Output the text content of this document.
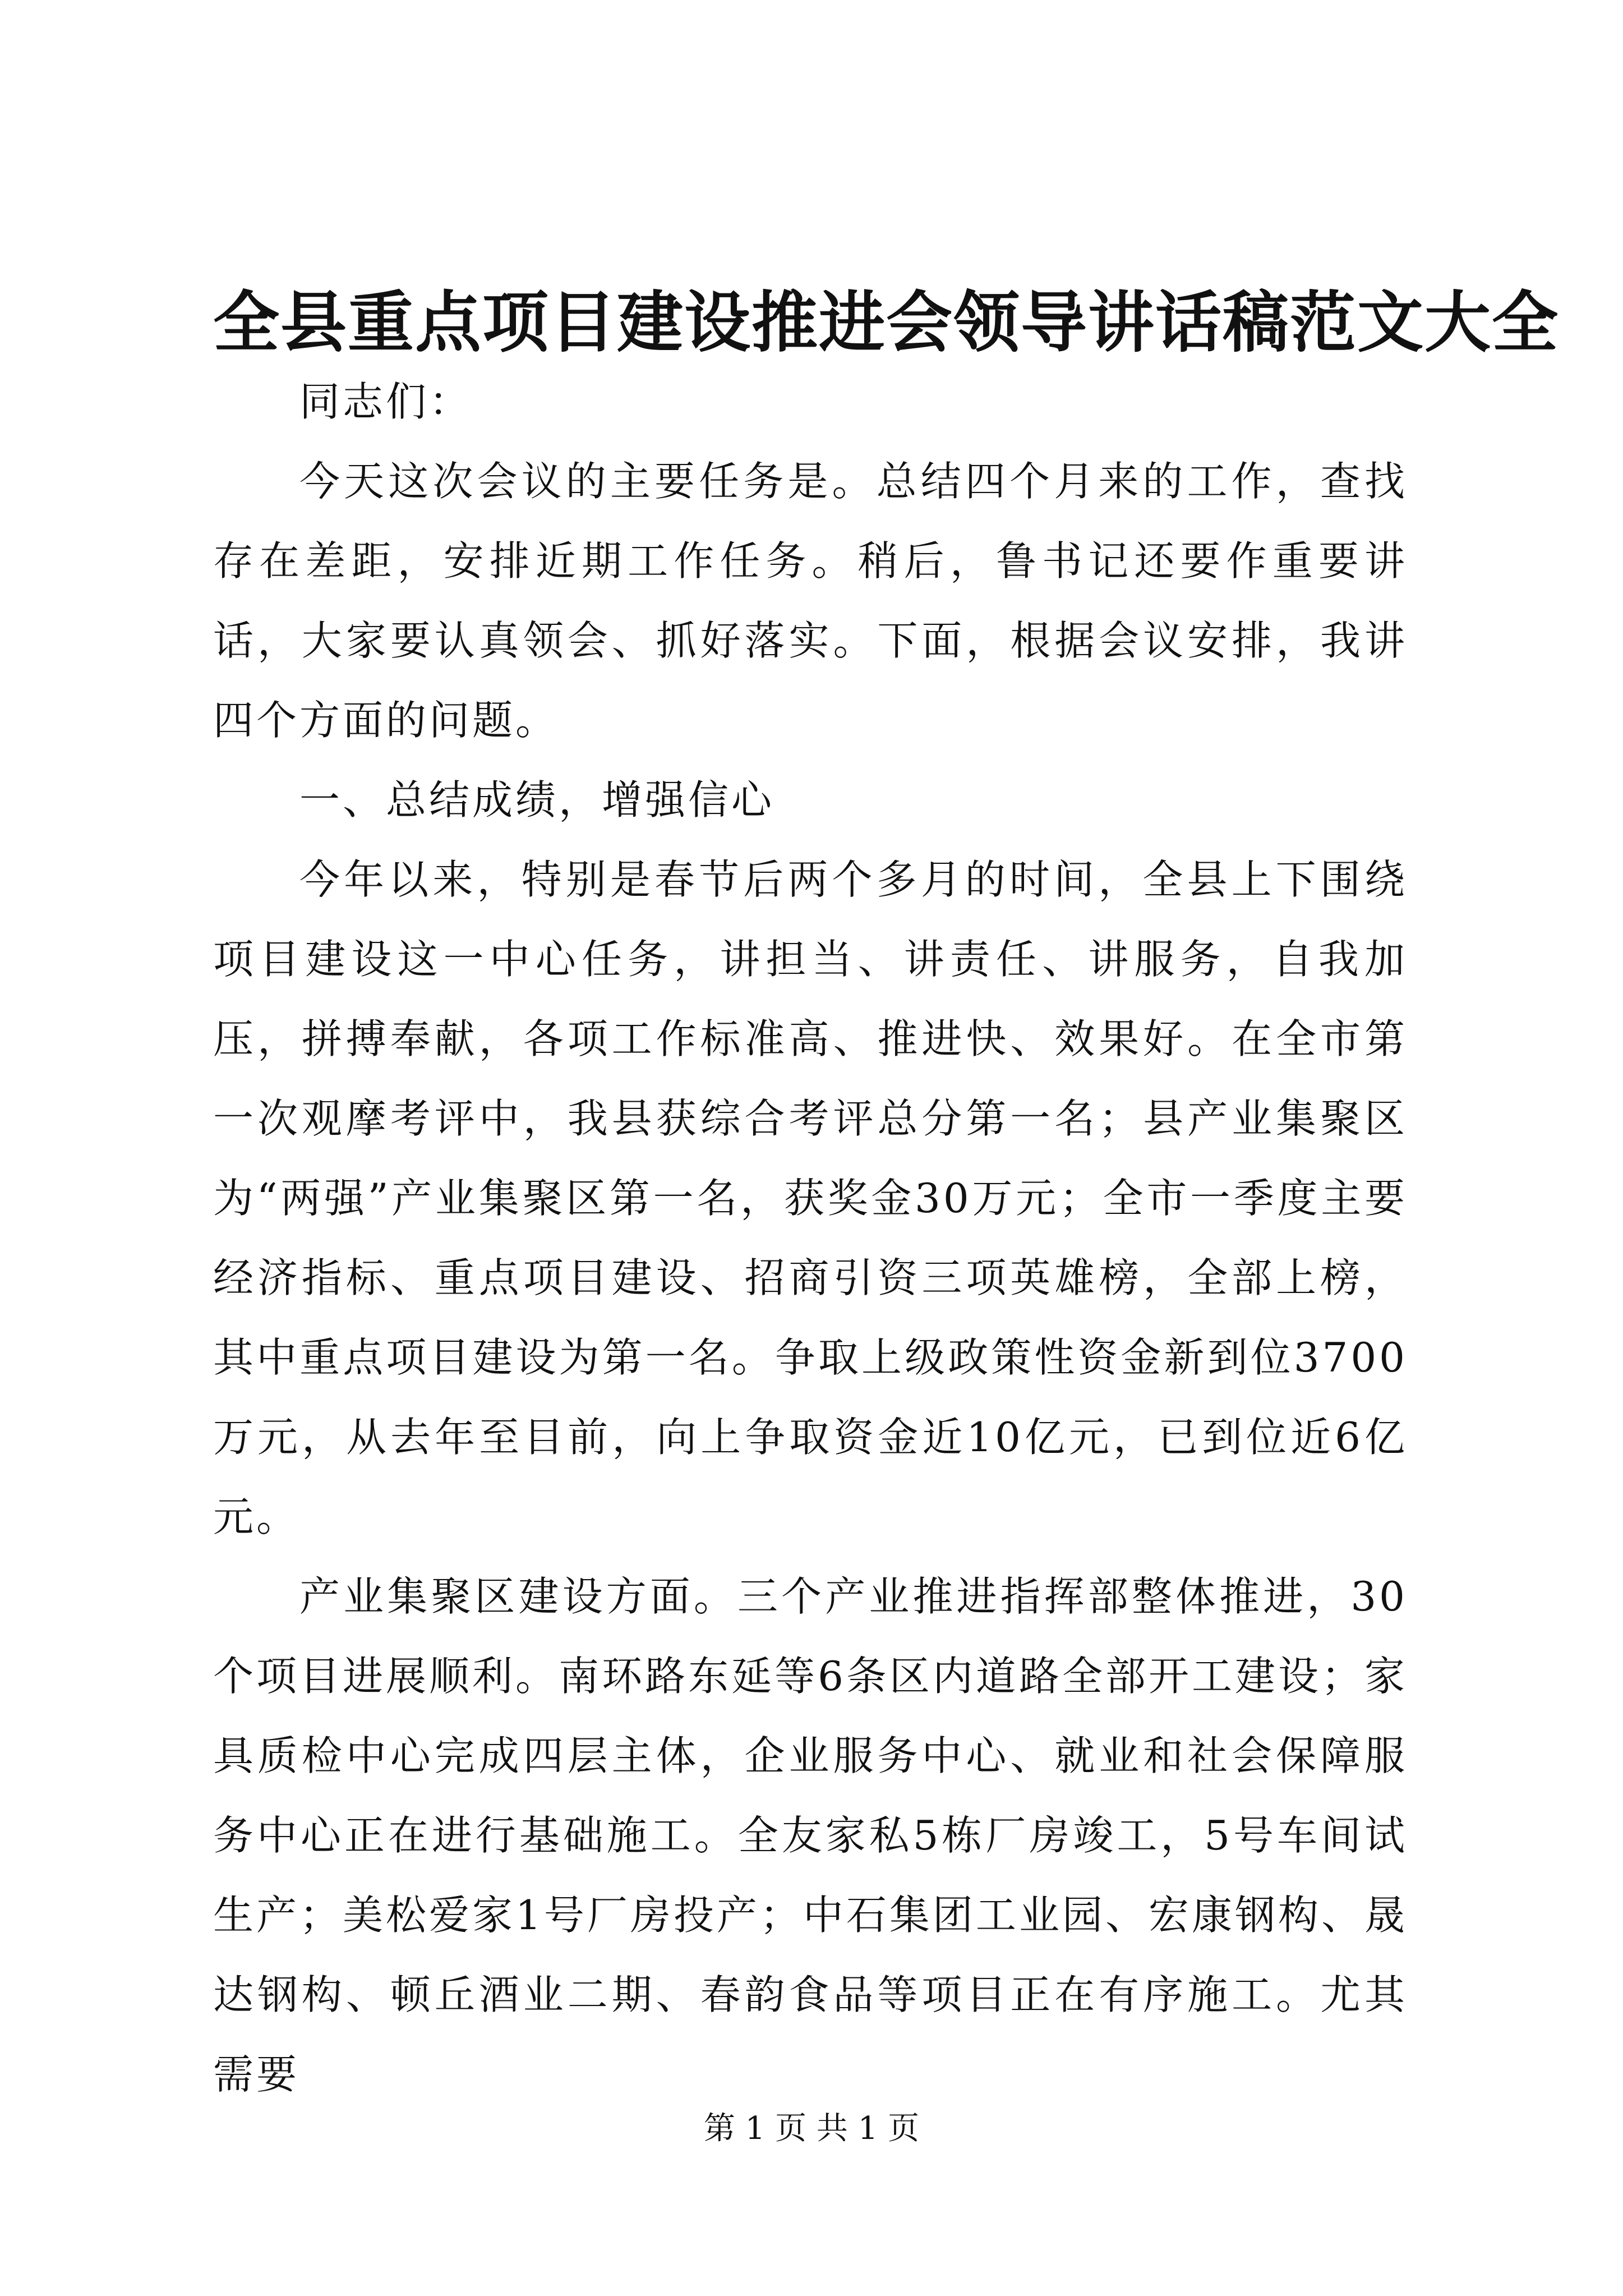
全县重点项目建设推进会领导讲话稿范文大全

同志们：

今天这次会议的主要任务是。总结四个月来的工作，查找存在差距，安排近期工作任务。稍后，鲁书记还要作重要讲话，大家要认真领会、抓好落实。下面，根据会议安排，我讲四个方面的问题。

一、总结成绩，增强信心

今年以来，特别是春节后两个多月的时间，全县上下围绕项目建设这一中心任务，讲担当、讲责任、讲服务，自我加压，拼搏奉献，各项工作标准高、推进快、效果好。在全市第一次观摩考评中，我县获综合考评总分第一名；县产业集聚区为“两强”产业集聚区第一名，获奖金30万元；全市一季度主要经济指标、重点项目建设、招商引资三项英雄榜，全部上榜，其中重点项目建设为第一名。争取上级政策性资金新到位3700万元，从去年至目前，向上争取资金近10亿元，已到位近6亿元。

产业集聚区建设方面。三个产业推进指挥部整体推进，30个项目进展顺利。南环路东延等6条区内道路全部开工建设；家具质检中心完成四层主体，企业服务中心、就业和社会保障服务中心正在进行基础施工。全友家私5栋厂房竣工，5号车间试生产；美松爱家1号厂房投产；中石集团工业园、宏康钢构、晟达钢构、顿丘酒业二期、春韵食品等项目正在有序施工。尤其需要

第 1 页 共 1 页
